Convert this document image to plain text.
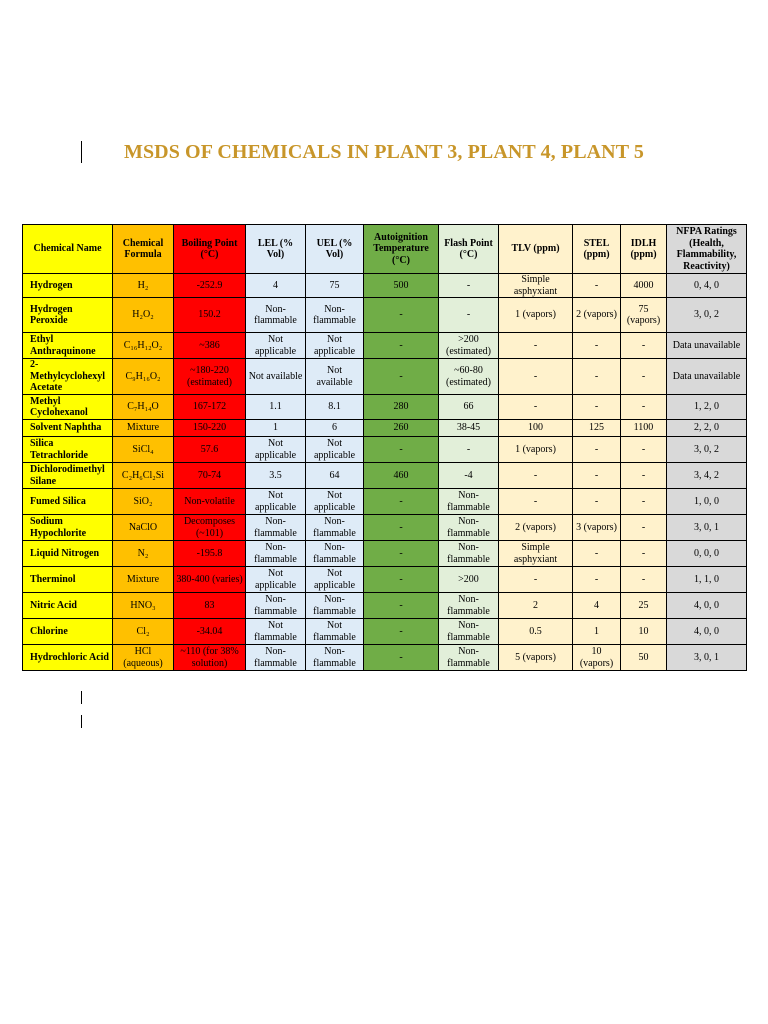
MSDS OF CHEMICALS IN PLANT 3, PLANT 4, PLANT 5
Chemical Name	Chemical Formula	Boiling Point (°C)	LEL (% Vol)	UEL (% Vol)	Autoignition Temperature (°C)	Flash Point (°C)	TLV (ppm)	STEL (ppm)	IDLH (ppm)	NFPA Ratings (Health, Flammability, Reactivity)
Hydrogen	H₂	-252.9	4	75	500	-	Simple asphyxiant	-	4000	0, 4, 0
Hydrogen Peroxide	H₂O₂	150.2	Non-flammable	Non-flammable	-	-	1 (vapors)	2 (vapors)	75 (vapors)	3, 0, 2
Ethyl Anthraquinone	C₁₆H₁₂O₂	~386	Not applicable	Not applicable	-	>200 (estimated)	-	-	-	Data unavailable
2-Methylcyclohexyl Acetate	C₉H₁₆O₂	~180-220 (estimated)	Not available	Not available	-	~60-80 (estimated)	-	-	-	Data unavailable
Methyl Cyclohexanol	C₇H₁₄O	167-172	1.1	8.1	280	66	-	-	-	1, 2, 0
Solvent Naphtha	Mixture	150-220	1	6	260	38-45	100	125	1100	2, 2, 0
Silica Tetrachloride	SiCl₄	57.6	Not applicable	Not applicable	-	-	1 (vapors)	-	-	3, 0, 2
Dichlorodimethyl Silane	C₂H₆Cl₂Si	70-74	3.5	64	460	-4	-	-	-	3, 4, 2
Fumed Silica	SiO₂	Non-volatile	Not applicable	Not applicable	-	Non-flammable	-	-	-	1, 0, 0
Sodium Hypochlorite	NaClO	Decomposes (~101)	Non-flammable	Non-flammable	-	Non-flammable	2 (vapors)	3 (vapors)	-	3, 0, 1
Liquid Nitrogen	N₂	-195.8	Non-flammable	Non-flammable	-	Non-flammable	Simple asphyxiant	-	-	0, 0, 0
Therminol	Mixture	380-400 (varies)	Not applicable	Not applicable	-	>200	-	-	-	1, 1, 0
Nitric Acid	HNO₃	83	Non-flammable	Non-flammable	-	Non-flammable	2	4	25	4, 0, 0
Chlorine	Cl₂	-34.04	Not flammable	Not flammable	-	Non-flammable	0.5	1	10	4, 0, 0
Hydrochloric Acid	HCl (aqueous)	~110 (for 38% solution)	Non-flammable	Non-flammable	-	Non-flammable	5 (vapors)	10 (vapors)	50	3, 0, 1
